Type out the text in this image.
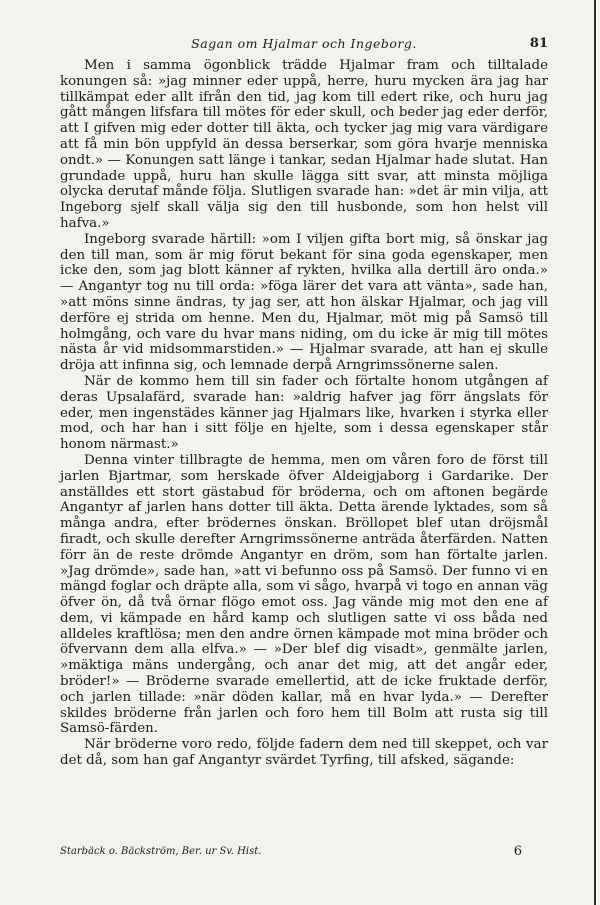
Sagan om Hjalmar och Ingeborg.	81

Men i samma ögonblick trädde Hjalmar fram och tilltalade konungen så: »jag minner eder uppå, herre, huru mycken ära jag har tillkämpat eder allt ifrån den tid, jag kom till edert rike, och huru jag gått mången lifsfara till mötes för eder skull, och beder jag eder derför, att I gifven mig eder dotter till äkta, och tycker jag mig vara värdigare att få min bön uppfyld än dessa berserkar, som göra hvarje menniska ondt.» — Konungen satt länge i tankar, sedan Hjalmar hade slutat. Han grundade uppå, huru han skulle lägga sitt svar, att minsta möjliga olycka derutaf månde följa. Slutligen svarade han: »det är min vilja, att Ingeborg sjelf skall välja sig den till husbonde, som hon helst vill hafva.»

Ingeborg svarade härtill: »om I viljen gifta bort mig, så önskar jag den till man, som är mig förut bekant för sina goda egenskaper, men icke den, som jag blott känner af rykten, hvilka alla dertill äro onda.» — Angantyr tog nu till orda: »föga lärer det vara att vänta», sade han, »att möns sinne ändras, ty jag ser, att hon älskar Hjalmar, och jag vill derföre ej strida om henne. Men du, Hjalmar, möt mig på Samsö till holmgång, och vare du hvar mans niding, om du icke är mig till mötes nästa år vid midsommarstiden.» — Hjalmar svarade, att han ej skulle dröja att infinna sig, och lemnade derpå Arngrimssönerne salen.

När de kommo hem till sin fader och förtalte honom utgången af deras Upsalafärd, svarade han: »aldrig hafver jag förr ängslats för eder, men ingenstädes känner jag Hjalmars like, hvarken i styrka eller mod, och har han i sitt följe en hjelte, som i dessa egenskaper står honom närmast.»

Denna vinter tillbragte de hemma, men om våren foro de först till jarlen Bjartmar, som herskade öfver Aldeigjaborg i Gardarike. Der anställdes ett stort gästabud för bröderna, och om aftonen begärde Angantyr af jarlen hans dotter till äkta. Detta ärende lyktades, som så många andra, efter brödernes önskan. Bröllopet blef utan dröjsmål firadt, och skulle derefter Arngrimssönerne anträda återfärden. Natten förr än de reste drömde Angantyr en dröm, som han förtalte jarlen. »Jag drömde», sade han, »att vi befunno oss på Samsö. Der funno vi en mängd foglar och dräpte alla, som vi sågo, hvarpå vi togo en annan väg öfver ön, då två örnar flögo emot oss. Jag vände mig mot den ene af dem, vi kämpade en hård kamp och slutligen satte vi oss båda ned alldeles kraftlösa; men den andre örnen kämpade mot mina bröder och öfvervann dem alla elfva.» — »Der blef dig visadt», genmälte jarlen, »mäktiga mäns undergång, och anar det mig, att det angår eder, bröder!» — Bröderne svarade emellertid, att de icke fruktade derför, och jarlen tillade: »när döden kallar, må en hvar lyda.» — Derefter skildes bröderne från jarlen och foro hem till Bolm att rusta sig till Samsö-färden.

När bröderne voro redo, följde fadern dem ned till skeppet, och var det då, som han gaf Angantyr svärdet Tyrfing, till afsked, sägande:

Starbäck o. Bäckström, Ber. ur Sv. Hist.	6
